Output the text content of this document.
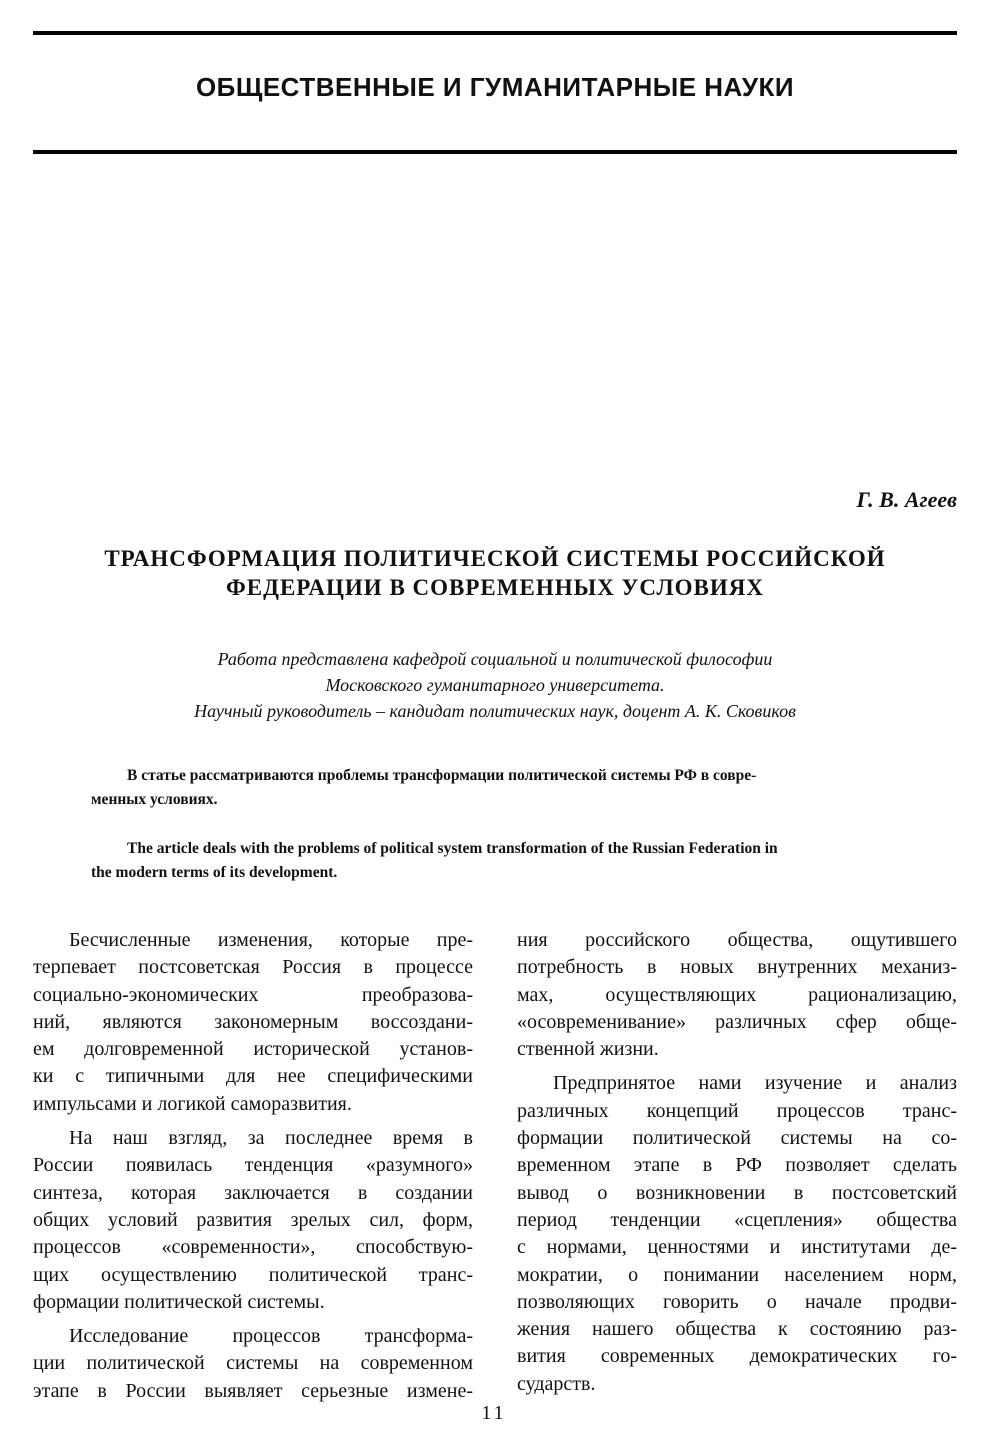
ОБЩЕСТВЕННЫЕ И ГУМАНИТАРНЫЕ НАУКИ
Г. В. Агеев
ТРАНСФОРМАЦИЯ ПОЛИТИЧЕСКОЙ СИСТЕМЫ РОССИЙСКОЙ
ФЕДЕРАЦИИ В СОВРЕМЕННЫХ УСЛОВИЯХ
Работа представлена кафедрой социальной и политической философии
Московского гуманитарного университета.
Научный руководитель – кандидат политических наук, доцент А. К. Сковиков
В статье рассматриваются проблемы трансформации политической системы РФ в совре-
менных условиях.
The article deals with the problems of political system transformation of the Russian Federation in
the modern terms of its development.
Бесчисленные изменения, которые пре-
терпевает постсоветская Россия в процессе
социально-экономических преобразова-
ний, являются закономерным воссоздани-
ем долговременной исторической установ-
ки с типичными для нее специфическими
импульсами и логикой саморазвития.
На наш взгляд, за последнее время в
России появилась тенденция «разумного»
синтеза, которая заключается в создании
общих условий развития зрелых сил, форм,
процессов «современности», способствую-
щих осуществлению политической транс-
формации политической системы.
Исследование процессов трансформа-
ции политической системы на современном
этапе в России выявляет серьезные измене-
ния российского общества, ощутившего
потребность в новых внутренних механиз-
мах, осуществляющих рационализацию,
«осовременивание» различных сфер обще-
ственной жизни.
Предпринятое нами изучение и анализ
различных концепций процессов транс-
формации политической системы на со-
временном этапе в РФ позволяет сделать
вывод о возникновении в постсоветский
период тенденции «сцепления» общества
с нормами, ценностями и институтами де-
мократии, о понимании населением норм,
позволяющих говорить о начале продви-
жения нашего общества к состоянию раз-
вития современных демократических го-
сударств.
11
